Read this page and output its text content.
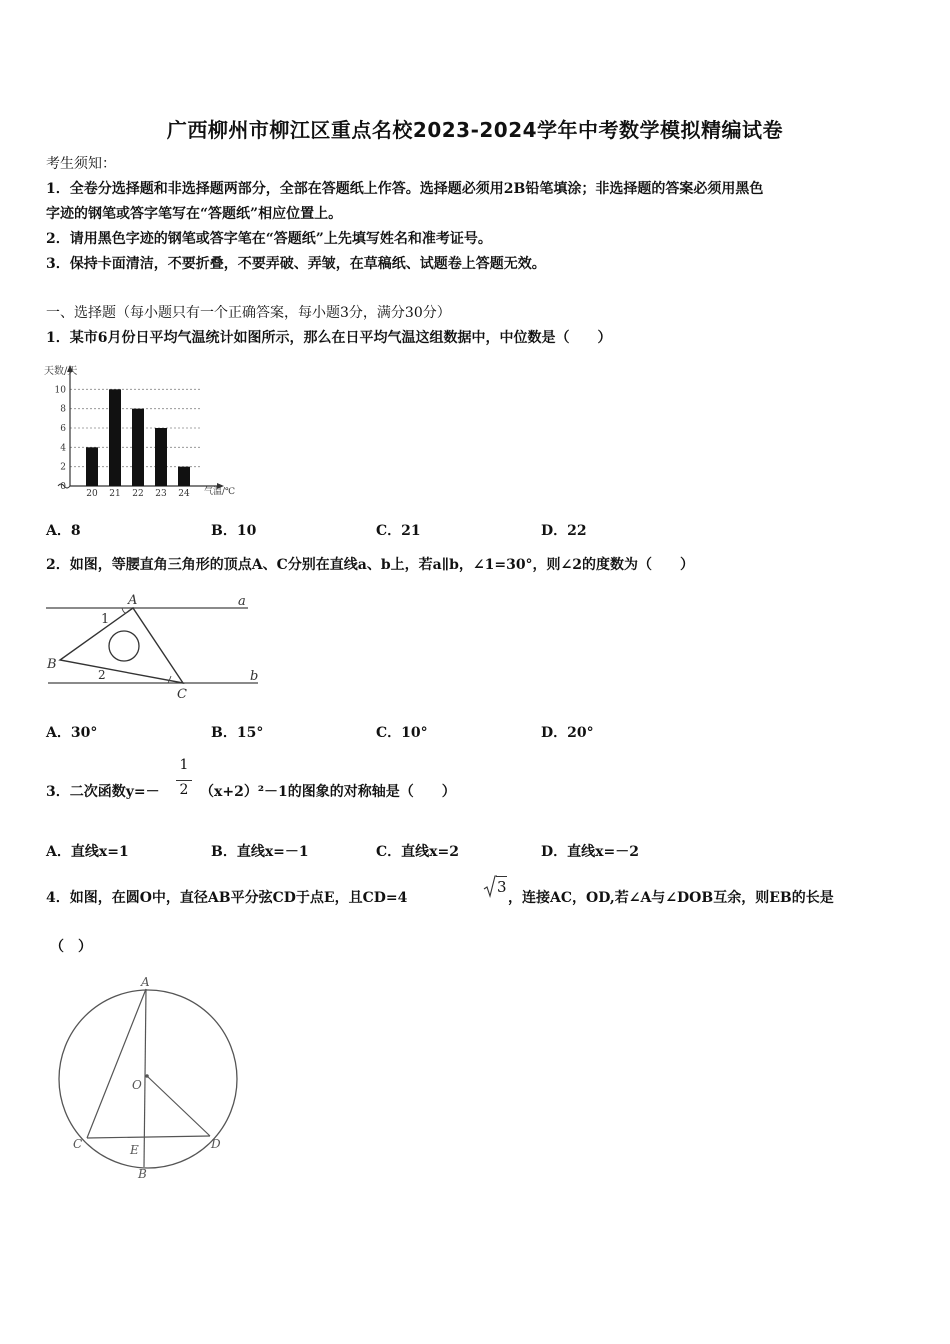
广西柳州市柳江区重点名校2023-2024学年中考数学模拟精编试卷
考生须知：
1．全卷分选择题和非选择题两部分，全部在答题纸上作答。选择题必须用2B铅笔填涂；非选择题的答案必须用黑色
字迹的钢笔或答字笔写在“答题纸”相应位置上。
2．请用黑色字迹的钢笔或答字笔在“答题纸”上先填写姓名和准考证号。
3．保持卡面清洁，不要折叠，不要弄破、弄皱，在草稿纸、试题卷上答题无效。
一、选择题（每小题只有一个正确答案，每小题3分，满分30分）
1．某市6月份日平均气温统计如图所示，那么在日平均气温这组数据中，中位数是（　　）
天数/天
气温/℃
0
2
4
6
8
10
20 21 22 23 24
A．8	B．10	C．21	D．22
2．如图，等腰直角三角形的顶点A、C分别在直线a、b上，若a∥b，∠1=30°，则∠2的度数为（　　）
A	a
B
C
b
1
2
A．30°	B．15°	C．10°	D．20°
3．二次函数y=－
1
2 （x+2）²－1的图象的对称轴是（　　）
A．直线x=1	B．直线x=－1	C．直线x=2	D．直线x=－2
4．如图，在圆O中，直径AB平分弦CD于点E，且CD=4
3
，连接AC，OD,若∠A与∠DOB互余，则EB的长是
（　）
A
O
C	D
E
B
